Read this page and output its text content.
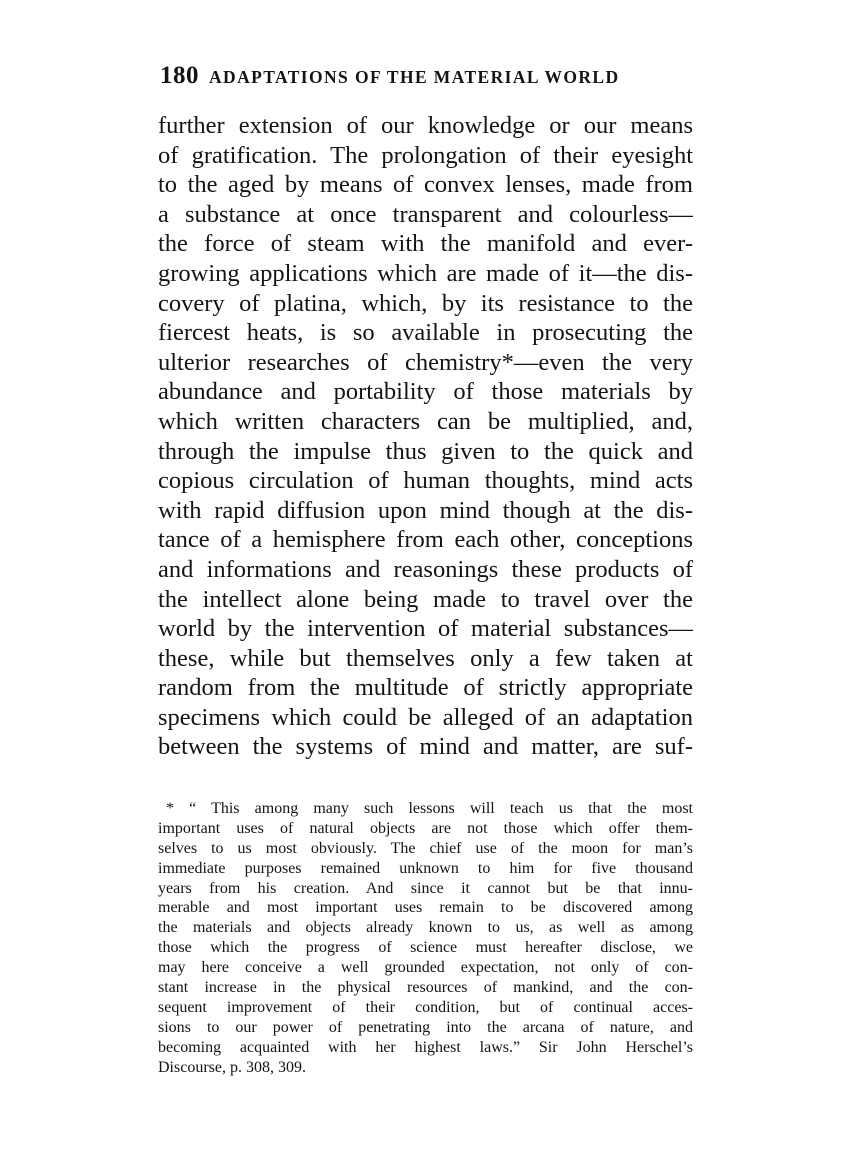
180 ADAPTATIONS OF THE MATERIAL WORLD
further extension of our knowledge or our means
of gratification. The prolongation of their eyesight
to the aged by means of convex lenses, made from
a substance at once transparent and colourless—
the force of steam with the manifold and ever-
growing applications which are made of it—the dis-
covery of platina, which, by its resistance to the
fiercest heats, is so available in prosecuting the
ulterior researches of chemistry*—even the very
abundance and portability of those materials by
which written characters can be multiplied, and,
through the impulse thus given to the quick and
copious circulation of human thoughts, mind acts
with rapid diffusion upon mind though at the dis-
tance of a hemisphere from each other, conceptions
and informations and reasonings these products of
the intellect alone being made to travel over the
world by the intervention of material substances—
these, while but themselves only a few taken at
random from the multitude of strictly appropriate
specimens which could be alleged of an adaptation
between the systems of mind and matter, are suf-
* “ This among many such lessons will teach us that the most
important uses of natural objects are not those which offer them-
selves to us most obviously. The chief use of the moon for man’s
immediate purposes remained unknown to him for five thousand
years from his creation. And since it cannot but be that innu-
merable and most important uses remain to be discovered among
the materials and objects already known to us, as well as among
those which the progress of science must hereafter disclose, we
may here conceive a well grounded expectation, not only of con-
stant increase in the physical resources of mankind, and the con-
sequent improvement of their condition, but of continual acces-
sions to our power of penetrating into the arcana of nature, and
becoming acquainted with her highest laws.” Sir John Herschel’s
Discourse, p. 308, 309.
